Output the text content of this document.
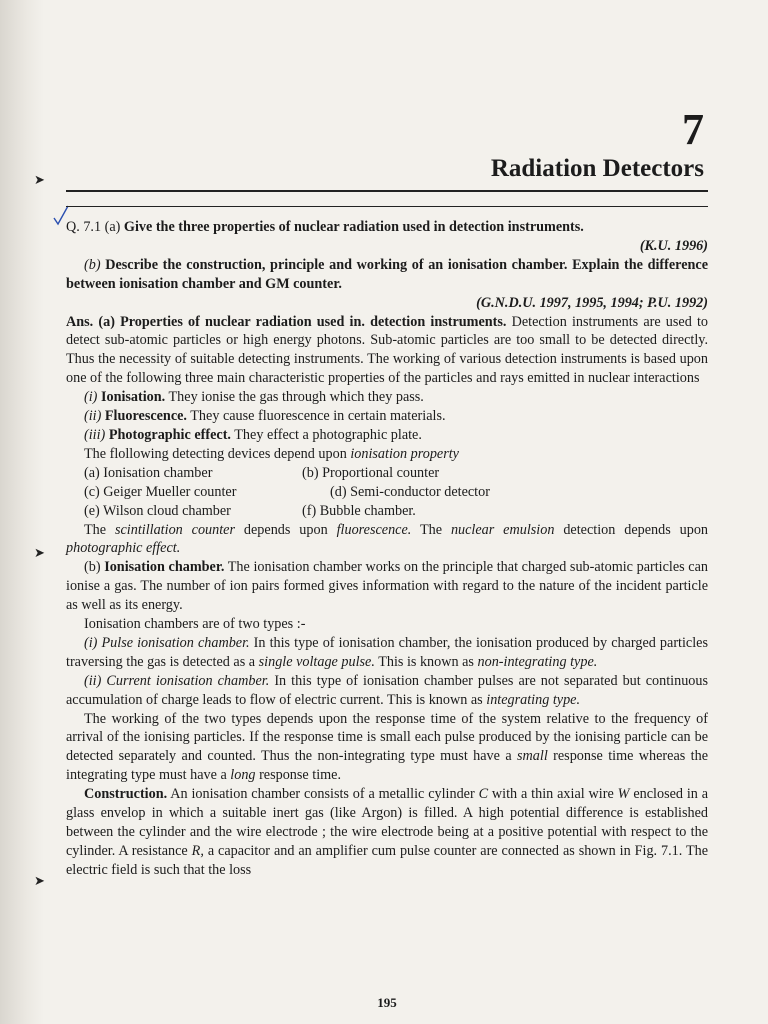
➤
➤
➤
7
Radiation Detectors

Q. 7.1 (a) Give the three properties of nuclear radiation used in detection instruments.

(K.U. 1996)

(b) Describe the construction, principle and working of an ionisation chamber. Explain the difference between ionisation chamber and GM counter.

(G.N.D.U. 1997, 1995, 1994; P.U. 1992)

Ans. (a) Properties of nuclear radiation used in. detection instruments. Detection instruments are used to detect sub-atomic particles or high energy photons. Sub-atomic particles are too small to be detected directly. Thus the necessity of suitable detecting instruments. The working of various detection instruments is based upon one of the following three main characteristic properties of the particles and rays emitted in nuclear interactions

(i) Ionisation. They ionise the gas through which they pass.

(ii) Fluorescence. They cause fluorescence in certain materials.

(iii) Photographic effect. They effect a photographic plate.

The flollowing detecting devices depend upon ionisation property

(a) Ionisation chamber	(b) Proportional counter
(c) Geiger Mueller counter	(d) Semi-conductor detector
(e) Wilson cloud chamber	(f) Bubble chamber.

The scintillation counter depends upon fluorescence. The nuclear emulsion detection depends upon photographic effect.

(b) Ionisation chamber. The ionisation chamber works on the principle that charged sub-atomic particles can ionise a gas. The number of ion pairs formed gives information with regard to the nature of the incident particle as well as its energy.

Ionisation chambers are of two types :-

(i) Pulse ionisation chamber. In this type of ionisation chamber, the ionisation produced by charged particles traversing the gas is detected as a single voltage pulse. This is known as non-integrating type.

(ii) Current ionisation chamber. In this type of ionisation chamber pulses are not separated but continuous accumulation of charge leads to flow of electric current. This is known as integrating type.

The working of the two types depends upon the response time of the system relative to the frequency of arrival of the ionising particles. If the response time is small each pulse produced by the ionising particle can be detected separately and counted. Thus the non-integrating type must have a small response time whereas the integrating type must have a long response time.

Construction. An ionisation chamber consists of a metallic cylinder C with a thin axial wire W enclosed in a glass envelop in which a suitable inert gas (like Argon) is filled. A high potential difference is established between the cylinder and the wire electrode ; the wire electrode being at a positive potential with respect to the cylinder. A resistance R, a capacitor and an amplifier cum pulse counter are connected as shown in Fig. 7.1. The electric field is such that the loss

195
